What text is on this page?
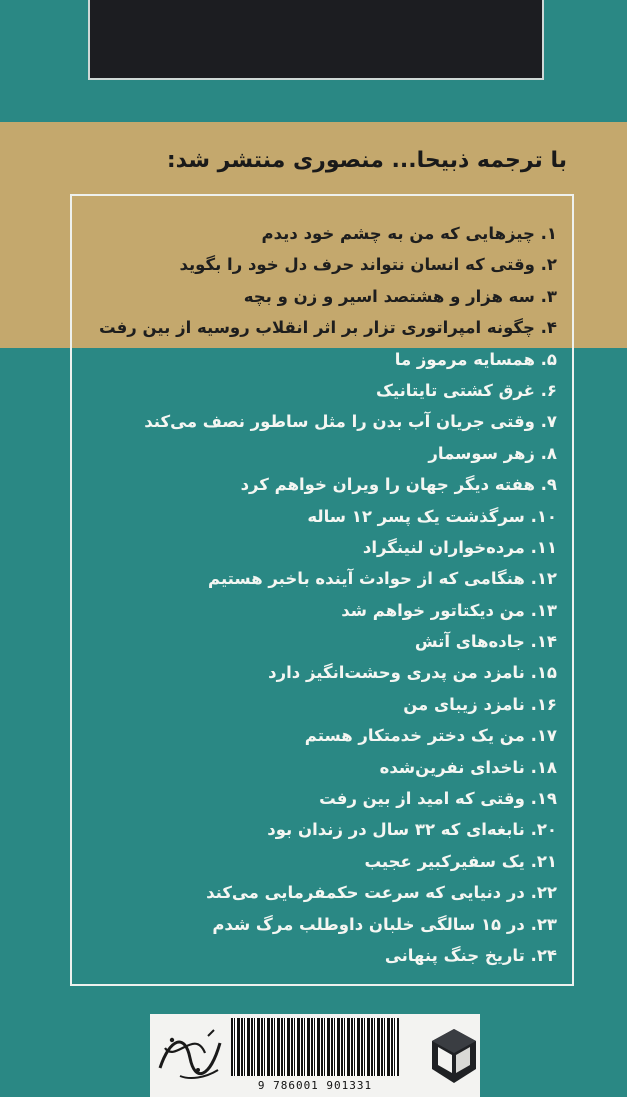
با ترجمه ذبیحا... منصوری منتشر شد:
۱. چیزهایی که من به چشم خود دیدم
۲. وقتی که انسان نتواند حرف دل خود را بگوید
۳. سه هزار و هشتصد اسیر و زن و بچه
۴. چگونه امپراتوری تزار بر اثر انقلاب روسیه از بین رفت
۵. همسایه مرموز ما
۶. غرق کشتی تایتانیک
۷. وقتی جریان آب بدن را مثل ساطور نصف می‌کند
۸. زهر سوسمار
۹. هفته دیگر جهان را ویران خواهم کرد
۱۰. سرگذشت یک پسر ۱۲ ساله
۱۱. مرده‌خواران لنینگراد
۱۲. هنگامی که از حوادث آینده باخبر هستیم
۱۳. من دیکتاتور خواهم شد
۱۴. جاده‌های آتش
۱۵. نامزد من پدری وحشت‌انگیز دارد
۱۶. نامزد زیبای من
۱۷. من یک دختر خدمتکار هستم
۱۸. ناخدای نفرین‌شده
۱۹. وقتی که امید از بین رفت
۲۰. نابغه‌ای که ۳۲ سال در زندان بود
۲۱. یک سفیرکبیر عجیب
۲۲. در دنیایی که سرعت حکمفرمایی می‌کند
۲۳. در ۱۵ سالگی خلبان داوطلب مرگ شدم
۲۴. تاریخ جنگ پنهانی
9 786001 901331
